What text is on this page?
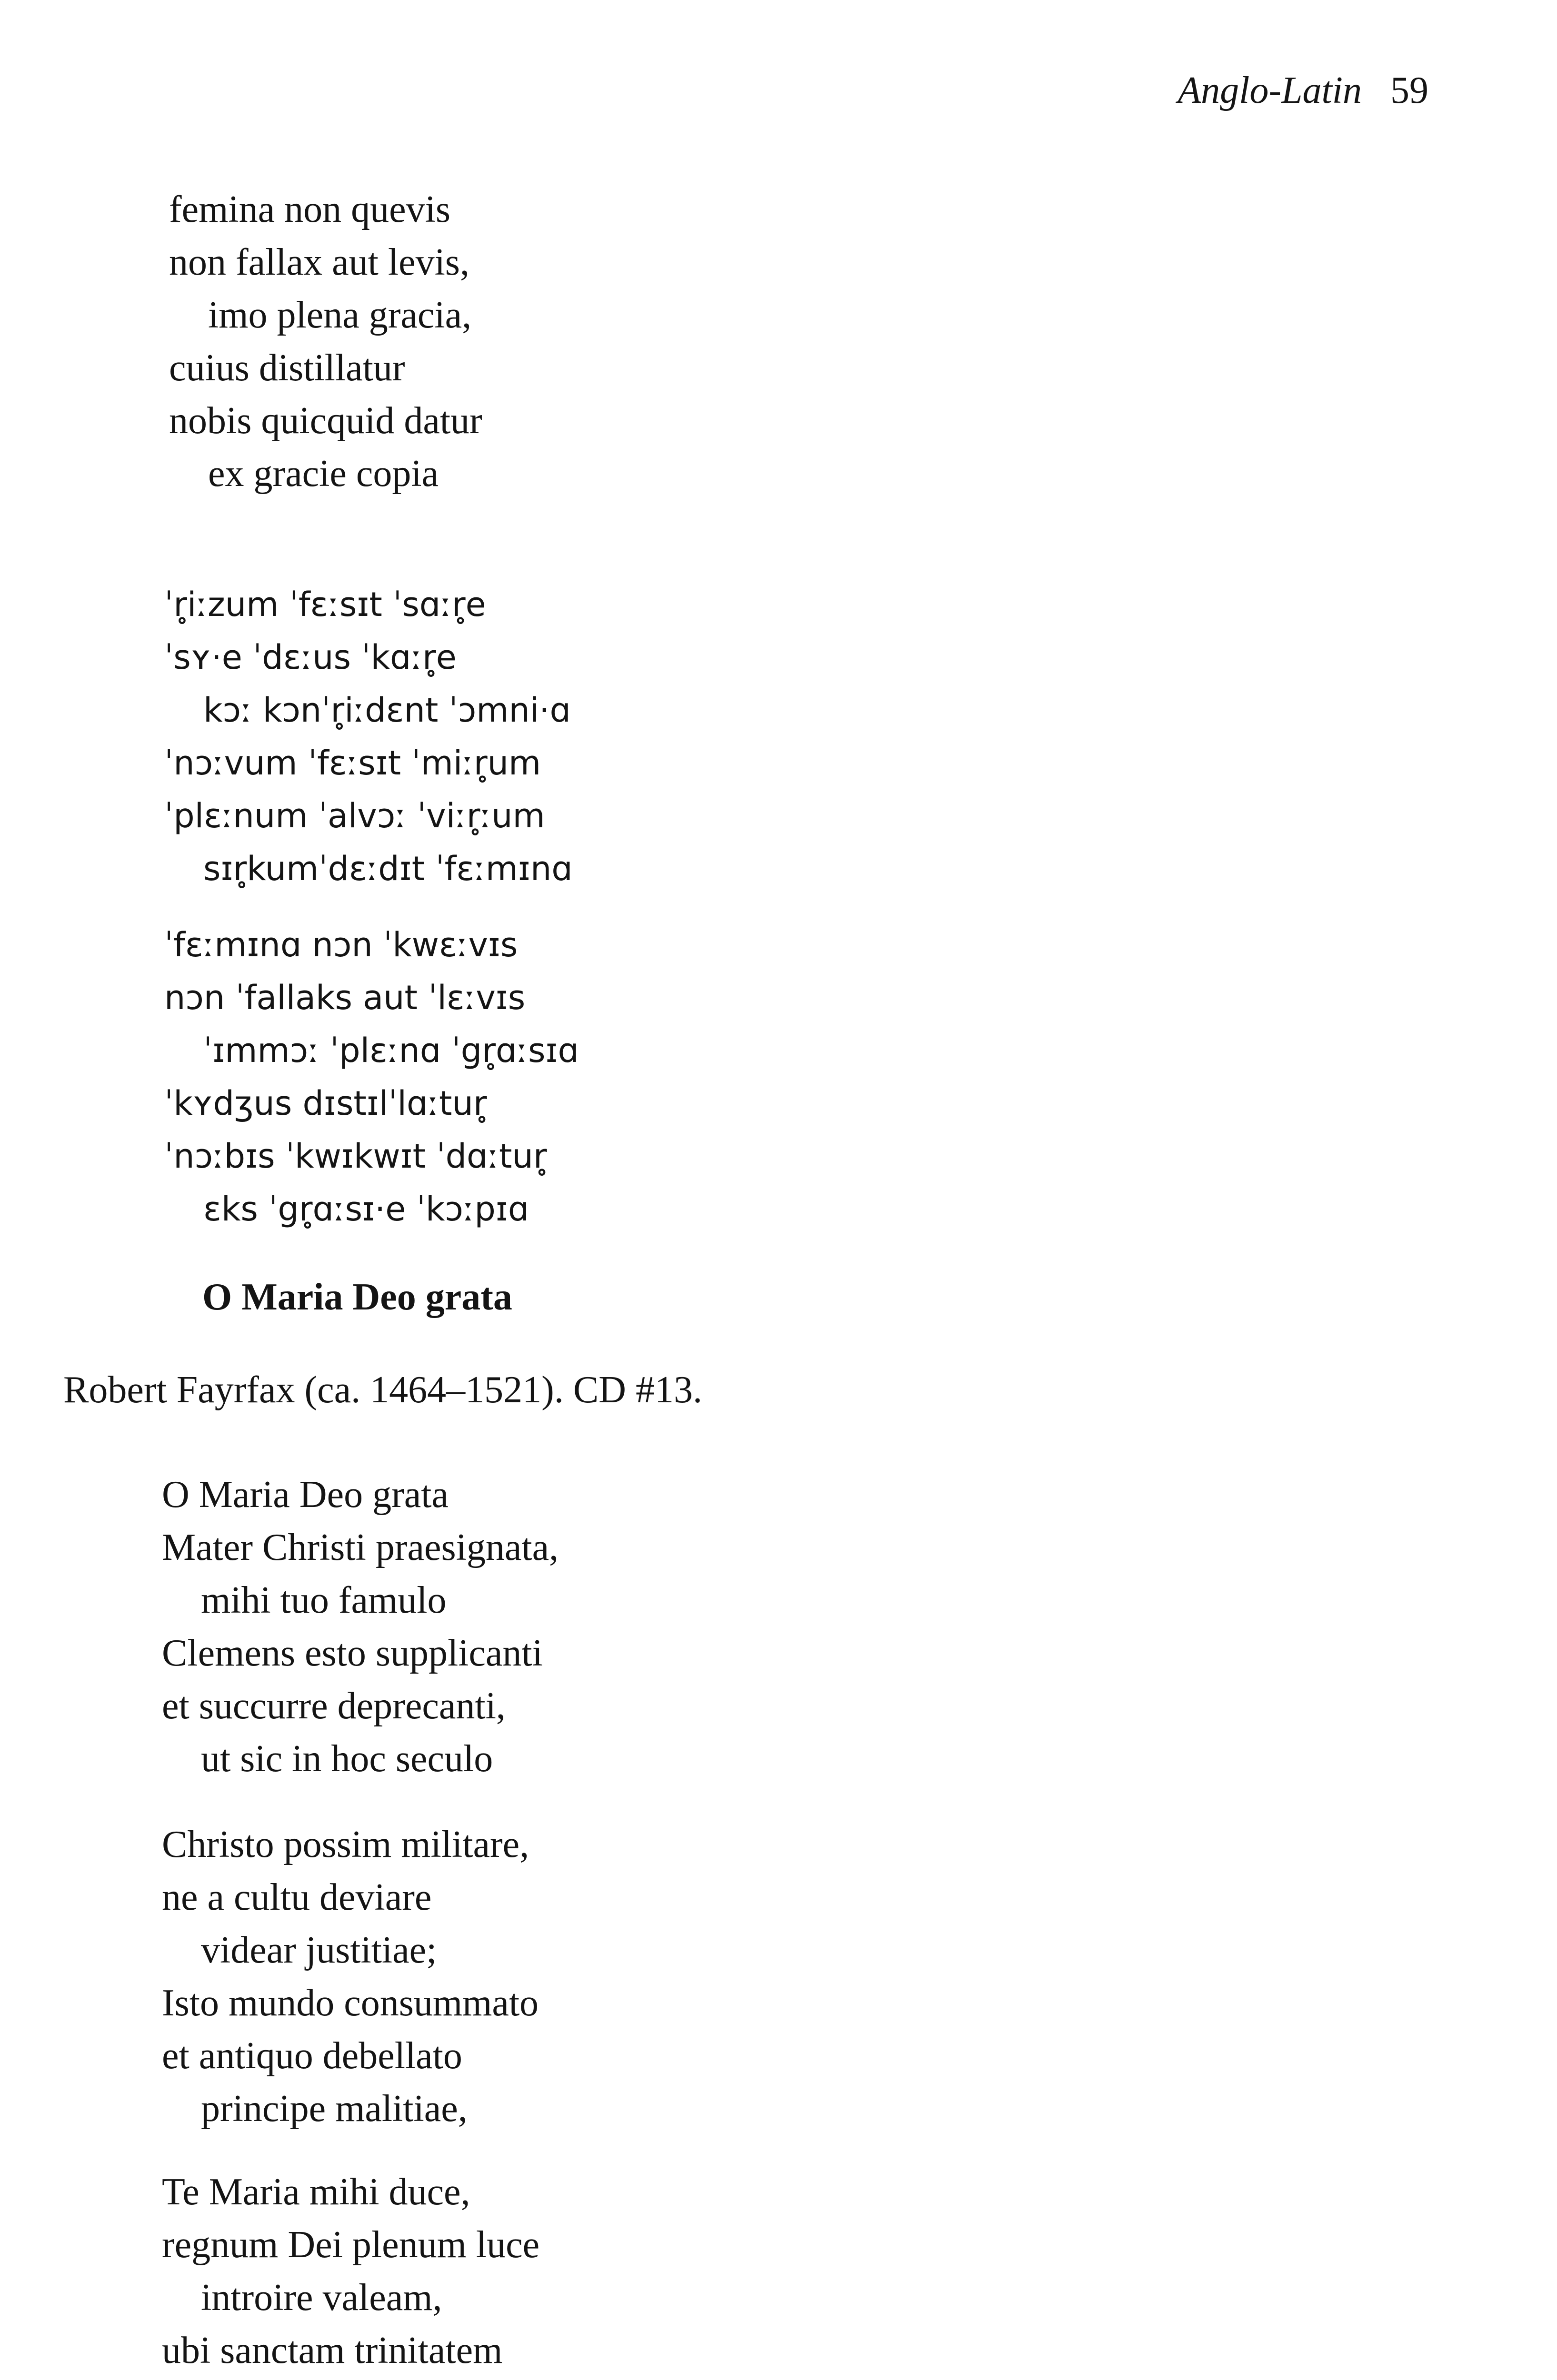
Anglo-Latin 59
femina non quevis
non fallax aut levis,
imo plena gracia,
cuius distillatur
nobis quicquid datur
ex gracie copia
ˈr̥iːzum ˈfɛːsɪt ˈsɑːr̥e
ˈsʏ·e ˈdɛːus ˈkɑːr̥e
kɔː kɔnˈr̥iːdɛnt ˈɔmni·ɑ
ˈnɔːvum ˈfɛːsɪt ˈmiːr̥um
ˈplɛːnum ˈalvɔː ˈviːr̥ːum
sɪr̥kumˈdɛːdɪt ˈfɛːmɪnɑ
ˈfɛːmɪnɑ nɔn ˈkwɛːvɪs
nɔn ˈfallaks aut ˈlɛːvɪs
ˈɪmmɔː ˈplɛːnɑ ˈgr̥ɑːsɪɑ
ˈkʏdʒus dɪstɪlˈlɑːtur̥
ˈnɔːbɪs ˈkwɪkwɪt ˈdɑːtur̥
ɛks ˈgr̥ɑːsɪ·e ˈkɔːpɪɑ
O Maria Deo grata
Robert Fayrfax (ca. 1464–1521). CD #13.
O Maria Deo grata
Mater Christi praesignata,
mihi tuo famulo
Clemens esto supplicanti
et succurre deprecanti,
ut sic in hoc seculo
Christo possim militare,
ne a cultu deviare
videar justitiae;
Isto mundo consummato
et antiquo debellato
principe malitiae,
Te Maria mihi duce,
regnum Dei plenum luce
introire valeam,
ubi sanctam trinitatem
